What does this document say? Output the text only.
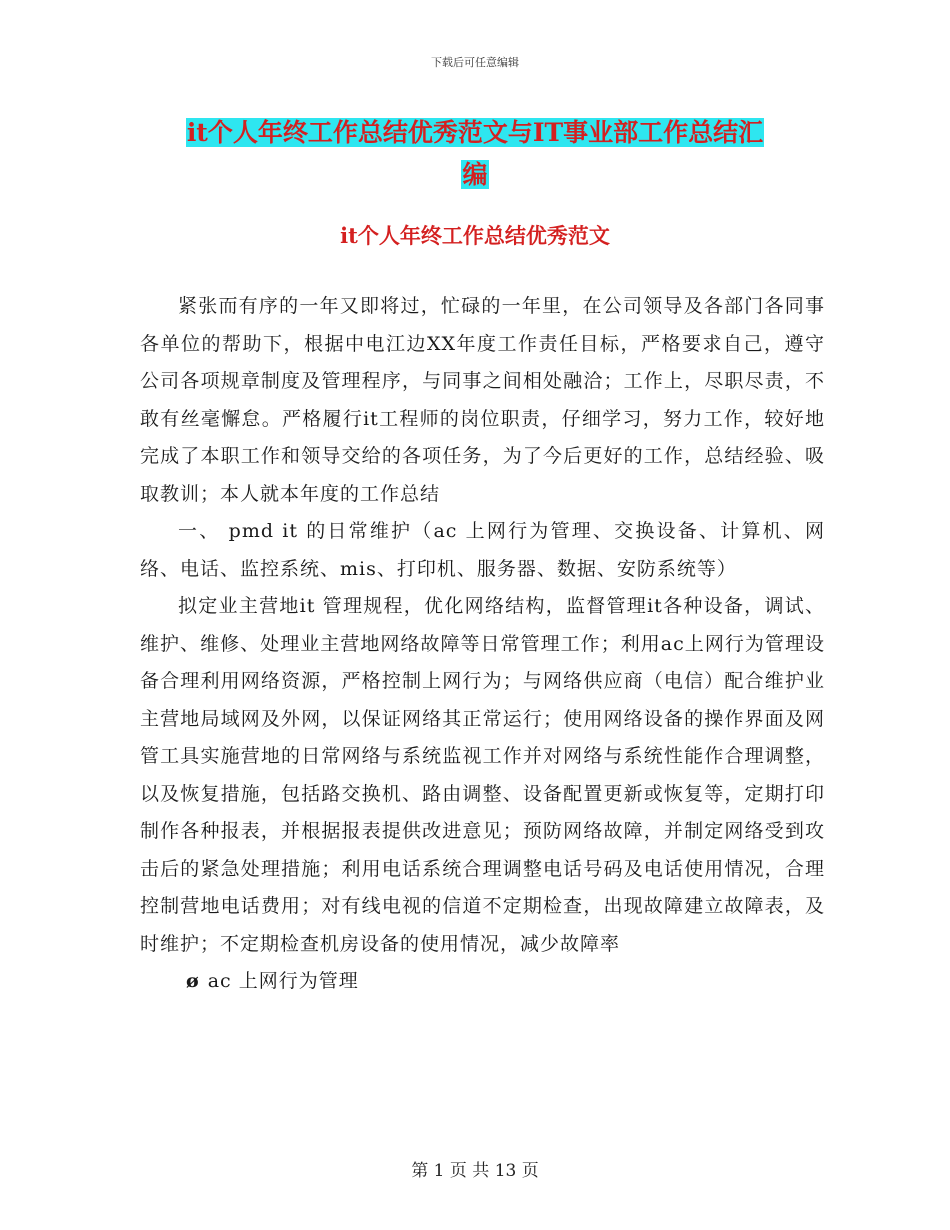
下载后可任意编辑
it个人年终工作总结优秀范文与IT事业部工作总结汇
编
it个人年终工作总结优秀范文

紧张而有序的一年又即将过，忙碌的一年里，在公司领导及各部门各同事各单位的帮助下，根据中电江边XX年度工作责任目标，严格要求自己，遵守公司各项规章制度及管理程序，与同事之间相处融洽；工作上，尽职尽责，不敢有丝毫懈怠。严格履行it工程师的岗位职责，仔细学习，努力工作，较好地完成了本职工作和领导交给的各项任务，为了今后更好的工作，总结经验、吸取教训；本人就本年度的工作总结

一、 pmd it 的日常维护（ac 上网行为管理、交换设备、计算机、网络、电话、监控系统、mis、打印机、服务器、数据、安防系统等）

拟定业主营地it 管理规程，优化网络结构，监督管理it各种设备，调试、维护、维修、处理业主营地网络故障等日常管理工作；利用ac上网行为管理设备合理利用网络资源，严格控制上网行为；与网络供应商（电信）配合维护业主营地局域网及外网，以保证网络其正常运行；使用网络设备的操作界面及网管工具实施营地的日常网络与系统监视工作并对网络与系统性能作合理调整，以及恢复措施，包括路交换机、路由调整、设备配置更新或恢复等，定期打印制作各种报表，并根据报表提供改进意见；预防网络故障，并制定网络受到攻击后的紧急处理措施；利用电话系统合理调整电话号码及电话使用情况，合理控制营地电话费用；对有线电视的信道不定期检查，出现故障建立故障表，及时维护；不定期检查机房设备的使用情况，减少故障率

ø ac 上网行为管理

第 1 页 共 13 页
